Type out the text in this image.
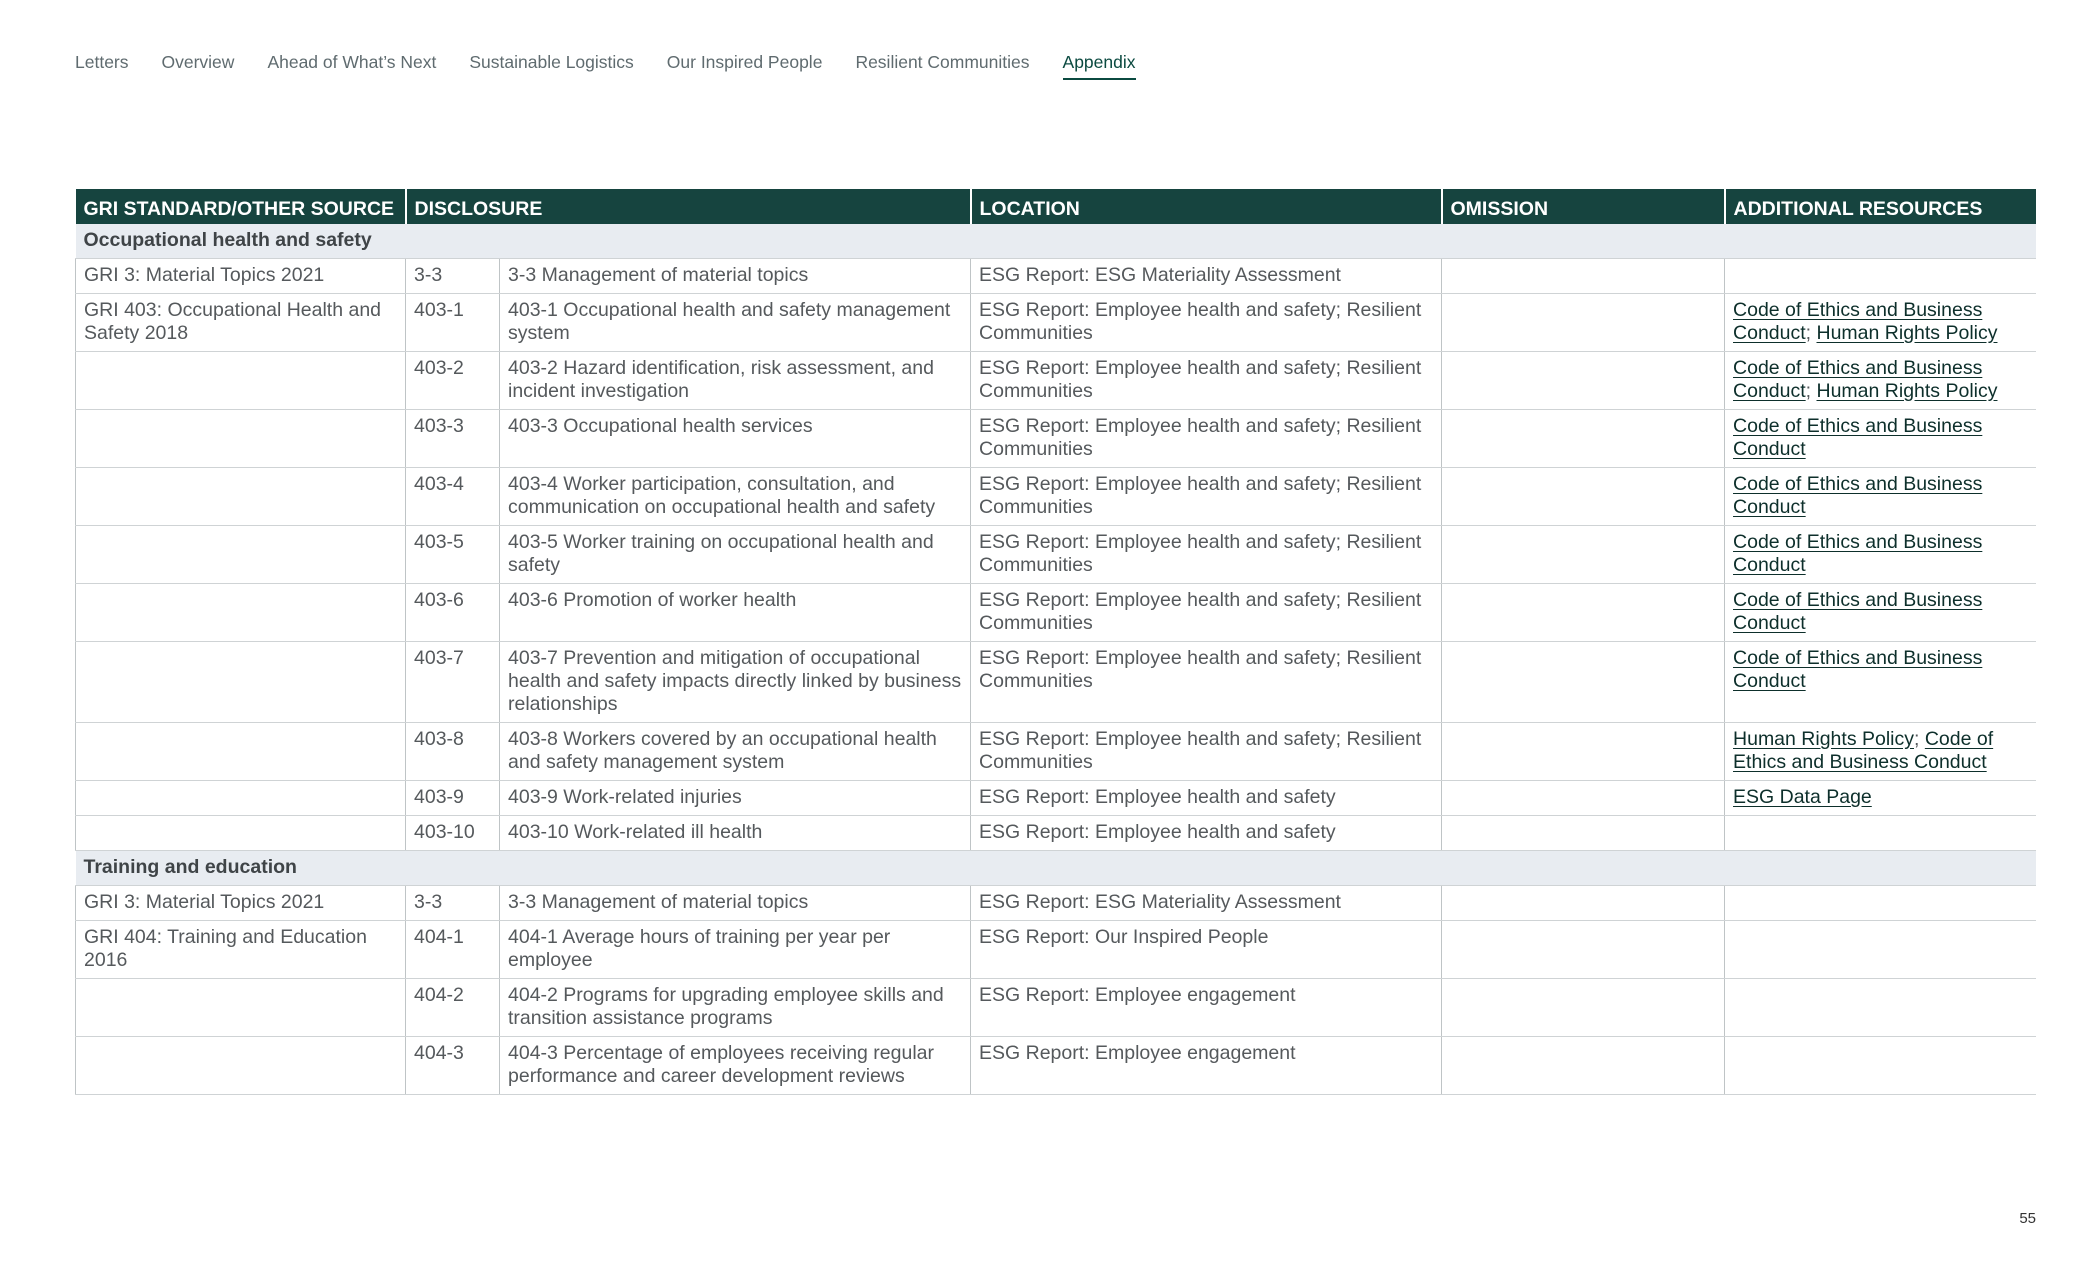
Letters Overview Ahead of What’s Next Sustainable Logistics Our Inspired People Resilient Communities Appendix
GRI STANDARD/OTHER SOURCE	DISCLOSURE		LOCATION	OMISSION	ADDITIONAL RESOURCES
Occupational health and safety					
GRI 3: Material Topics 2021	3-3	3-3 Management of material topics	ESG Report: ESG Materiality Assessment		
GRI 403: Occupational Health and Safety 2018	403-1	403-1 Occupational health and safety management system	ESG Report: Employee health and safety; Resilient Communities		Code of Ethics and Business Conduct; Human Rights Policy
	403-2	403-2 Hazard identification, risk assessment, and incident investigation	ESG Report: Employee health and safety; Resilient Communities		Code of Ethics and Business Conduct; Human Rights Policy
	403-3	403-3 Occupational health services	ESG Report: Employee health and safety; Resilient Communities		Code of Ethics and Business Conduct
	403-4	403-4 Worker participation, consultation, and communication on occupational health and safety	ESG Report: Employee health and safety; Resilient Communities		Code of Ethics and Business Conduct
	403-5	403-5 Worker training on occupational health and safety	ESG Report: Employee health and safety; Resilient Communities		Code of Ethics and Business Conduct
	403-6	403-6 Promotion of worker health	ESG Report: Employee health and safety; Resilient Communities		Code of Ethics and Business Conduct
	403-7	403-7 Prevention and mitigation of occupational health and safety impacts directly linked by business relationships	ESG Report: Employee health and safety; Resilient Communities		Code of Ethics and Business Conduct
	403-8	403-8 Workers covered by an occupational health and safety management system	ESG Report: Employee health and safety; Resilient Communities		Human Rights Policy; Code of Ethics and Business Conduct
	403-9	403-9 Work-related injuries	ESG Report: Employee health and safety		ESG Data Page
	403-10	403-10 Work-related ill health	ESG Report: Employee health and safety		
Training and education					
GRI 3: Material Topics 2021	3-3	3-3 Management of material topics	ESG Report: ESG Materiality Assessment		
GRI 404: Training and Education 2016	404-1	404-1 Average hours of training per year per employee	ESG Report: Our Inspired People		
	404-2	404-2 Programs for upgrading employee skills and transition assistance programs	ESG Report: Employee engagement		
	404-3	404-3 Percentage of employees receiving regular performance and career development reviews	ESG Report: Employee engagement		
55
